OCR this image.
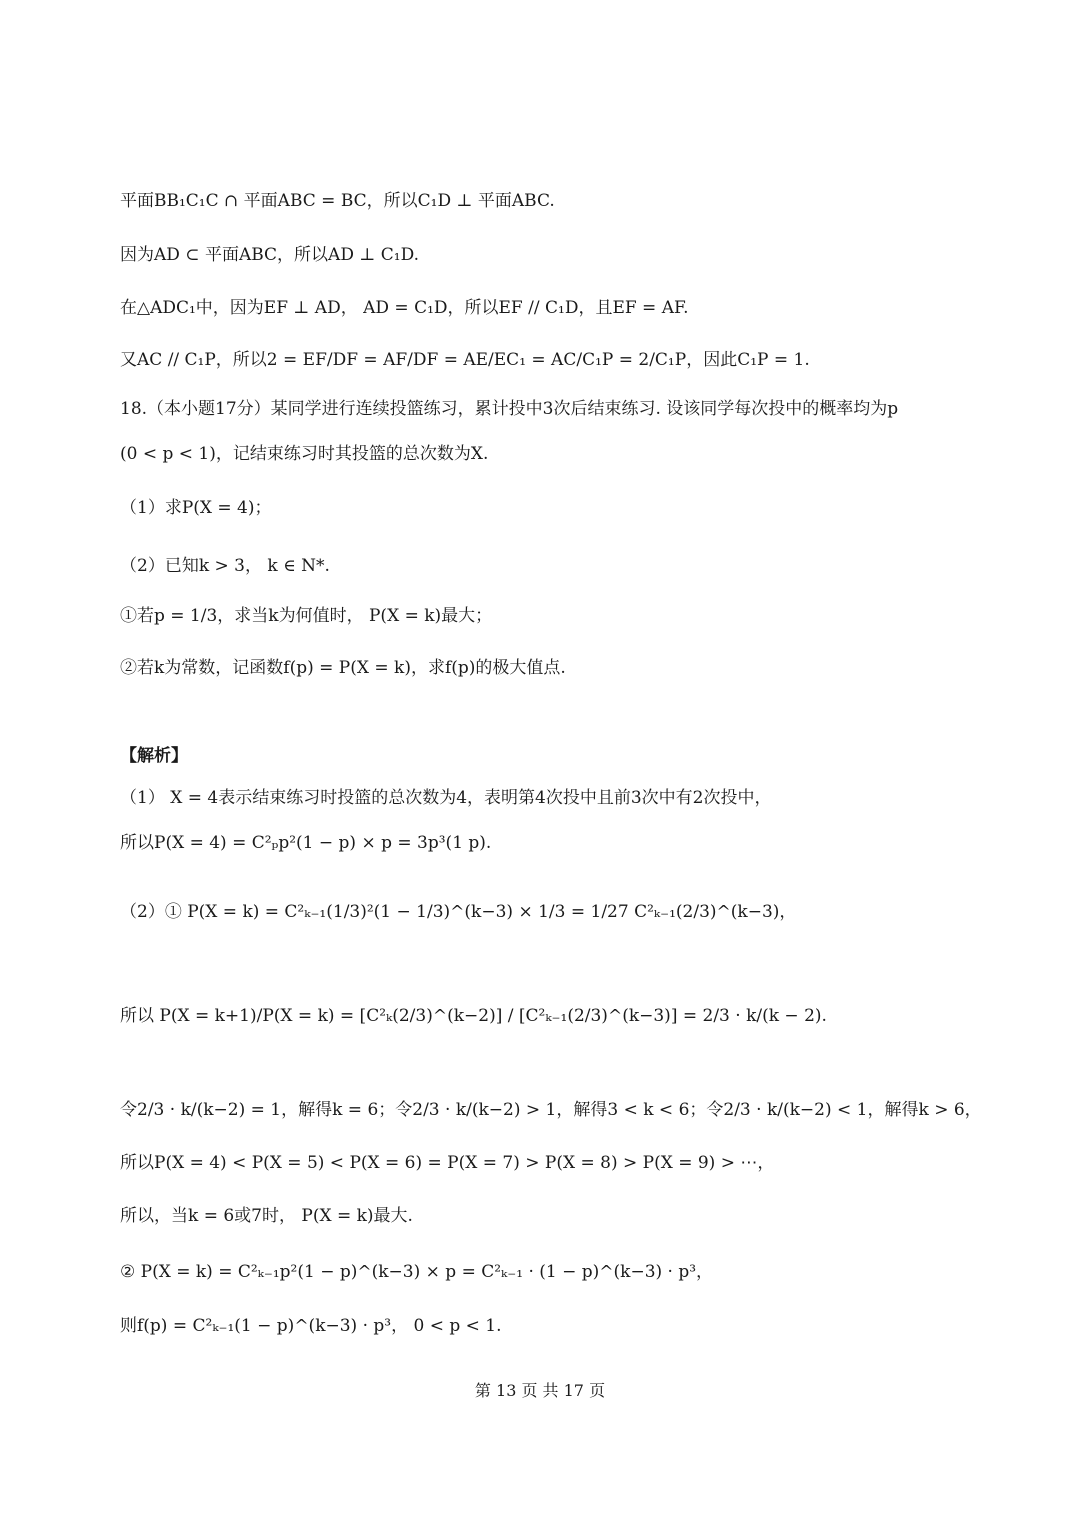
平面BB₁C₁C ∩ 平面ABC = BC，所以C₁D ⊥ 平面ABC.
因为AD ⊂ 平面ABC，所以AD ⊥ C₁D.
在△ADC₁中，因为EF ⊥ AD， AD = C₁D，所以EF // C₁D，且EF = AF.
又AC // C₁P，所以2 = EF/DF = AF/DF = AE/EC₁ = AC/C₁P = 2/C₁P，因此C₁P = 1.
18.（本小题17分）某同学进行连续投篮练习，累计投中3次后结束练习. 设该同学每次投中的概率均为p
(0 < p < 1)，记结束练习时其投篮的总次数为X.
（1）求P(X = 4)；
（2）已知k > 3， k ∈ N*.
①若p = 1/3，求当k为何值时， P(X = k)最大；
②若k为常数，记函数f(p) = P(X = k)，求f(p)的极大值点.
【解析】
（1） X = 4表示结束练习时投篮的总次数为4，表明第4次投中且前3次中有2次投中，
所以P(X = 4) = C²ₚp²(1 − p) × p = 3p³(1 p).
（2）① P(X = k) = C²ₖ₋₁(1/3)²(1 − 1/3)^(k−3) × 1/3 = 1/27 C²ₖ₋₁(2/3)^(k−3)，
所以 P(X = k+1)/P(X = k) = [C²ₖ(2/3)^(k−2)] / [C²ₖ₋₁(2/3)^(k−3)] = 2/3 · k/(k − 2).
令2/3 · k/(k−2) = 1，解得k = 6；令2/3 · k/(k−2) > 1，解得3 < k < 6；令2/3 · k/(k−2) < 1，解得k > 6，
所以P(X = 4) < P(X = 5) < P(X = 6) = P(X = 7) > P(X = 8) > P(X = 9) > ⋯，
所以，当k = 6或7时， P(X = k)最大.
② P(X = k) = C²ₖ₋₁p²(1 − p)^(k−3) × p = C²ₖ₋₁ · (1 − p)^(k−3) · p³，
则f(p) = C²ₖ₋₁(1 − p)^(k−3) · p³， 0 < p < 1.
第 13 页 共 17 页
